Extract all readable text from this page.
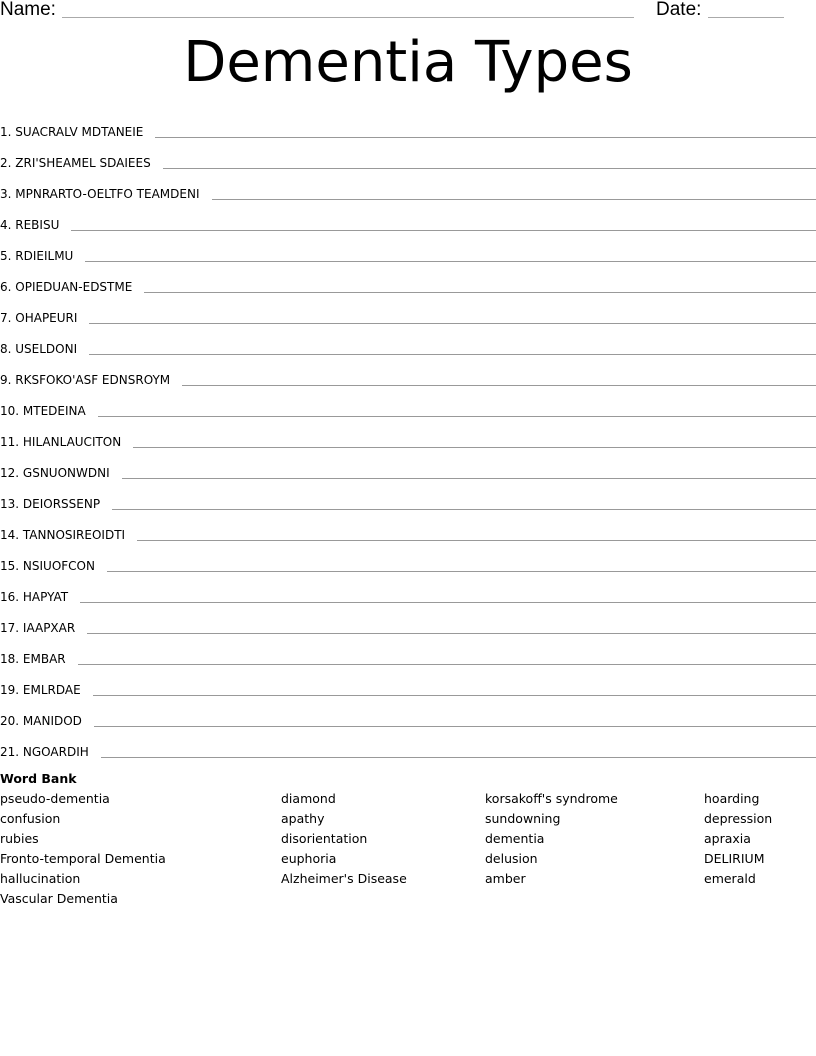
Name:	Date:
Dementia Types
1. SUACRALV MDTANEIE
2. ZRI'SHEAMEL SDAIEES
3. MPNRARTO-OELTFO TEAMDENI
4. REBISU
5. RDIEILMU
6. OPIEDUAN-EDSTME
7. OHAPEURI
8. USELDONI
9. RKSFOKO'ASF EDNSROYM
10. MTEDEINA
11. HILANLAUCITON
12. GSNUONWDNI
13. DEIORSSENP
14. TANNOSIREOIDTI
15. NSIUOFCON
16. HAPYAT
17. IAAPXAR
18. EMBAR
19. EMLRDAE
20. MANIDOD
21. NGOARDIH
Word Bank
pseudo-dementia
confusion
rubies
Fronto-temporal Dementia
hallucination
Vascular Dementia
diamond
apathy
disorientation
euphoria
Alzheimer's Disease
korsakoff's syndrome
sundowning
dementia
delusion
amber
hoarding
depression
apraxia
DELIRIUM
emerald
